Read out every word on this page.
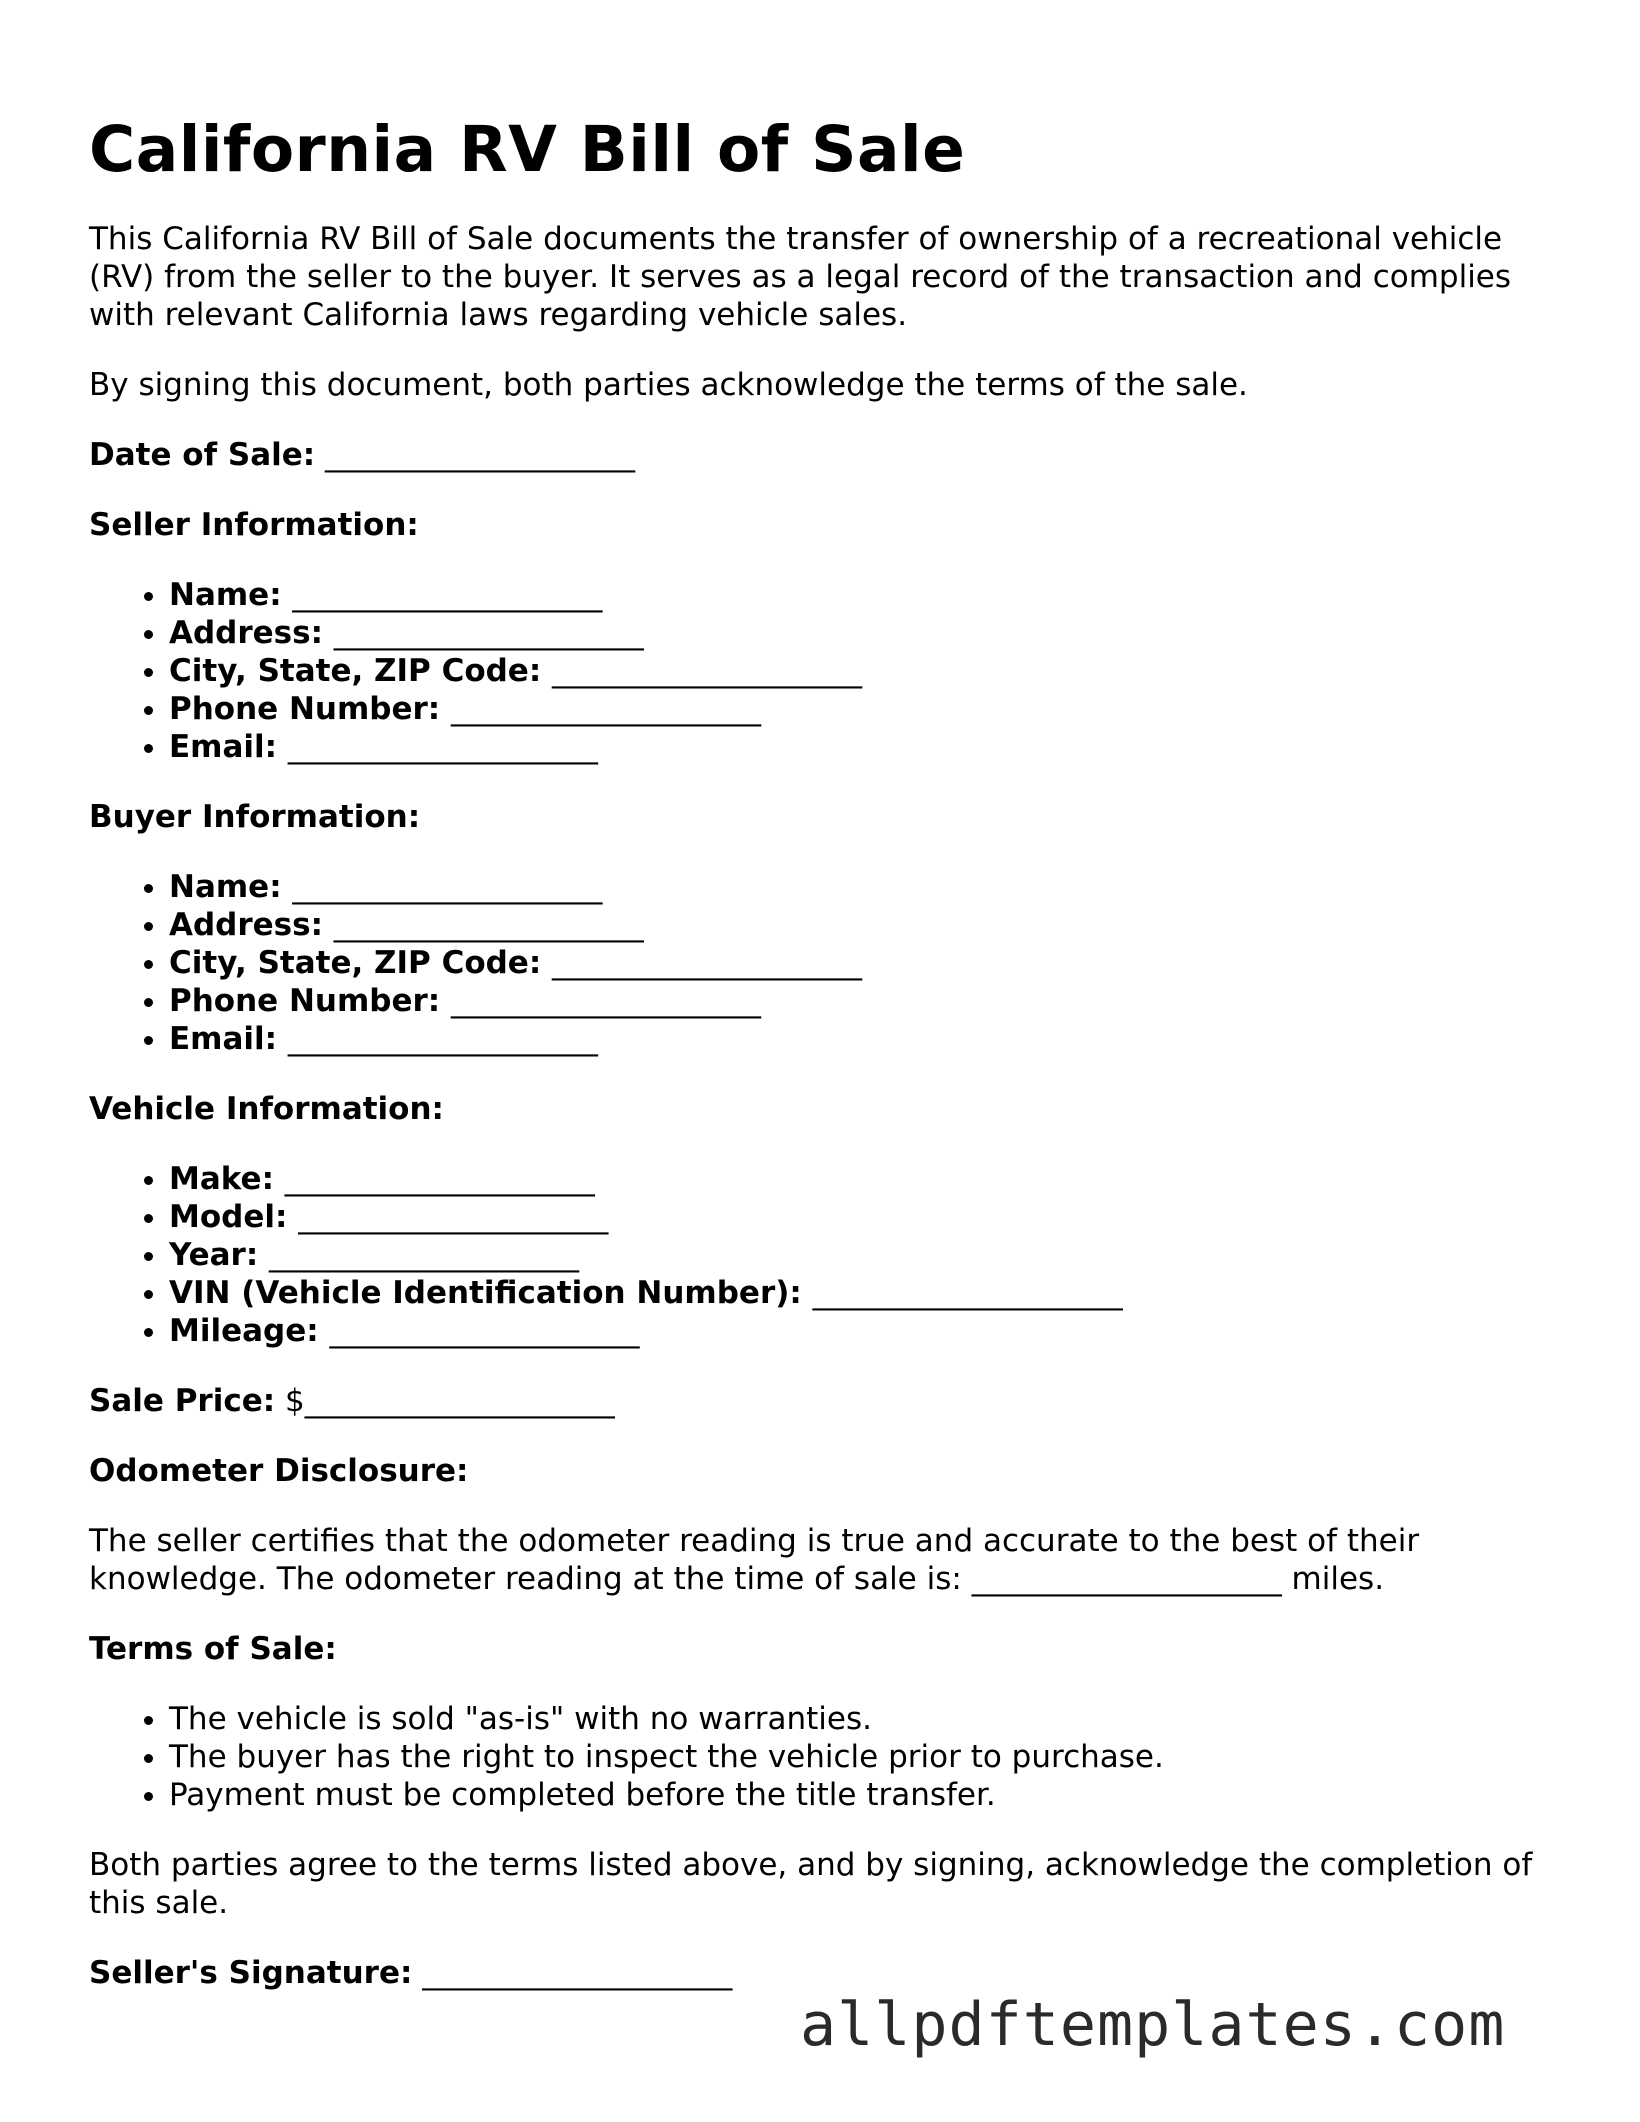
California RV Bill of Sale

This California RV Bill of Sale documents the transfer of ownership of a recreational vehicle (RV) from the seller to the buyer. It serves as a legal record of the transaction and complies with relevant California laws regarding vehicle sales.

By signing this document, both parties acknowledge the terms of the sale.

Date of Sale: ____________________

Seller Information:

• Name: ____________________
• Address: ____________________
• City, State, ZIP Code: ____________________
• Phone Number: ____________________
• Email: ____________________

Buyer Information:

• Name: ____________________
• Address: ____________________
• City, State, ZIP Code: ____________________
• Phone Number: ____________________
• Email: ____________________

Vehicle Information:

• Make: ____________________
• Model: ____________________
• Year: ____________________
• VIN (Vehicle Identification Number): ____________________
• Mileage: ____________________

Sale Price: $____________________

Odometer Disclosure:

The seller certifies that the odometer reading is true and accurate to the best of their knowledge. The odometer reading at the time of sale is: ____________________ miles.

Terms of Sale:

• The vehicle is sold "as-is" with no warranties.
• The buyer has the right to inspect the vehicle prior to purchase.
• Payment must be completed before the title transfer.

Both parties agree to the terms listed above, and by signing, acknowledge the completion of this sale.

Seller's Signature: ____________________

allpdftemplates.com
